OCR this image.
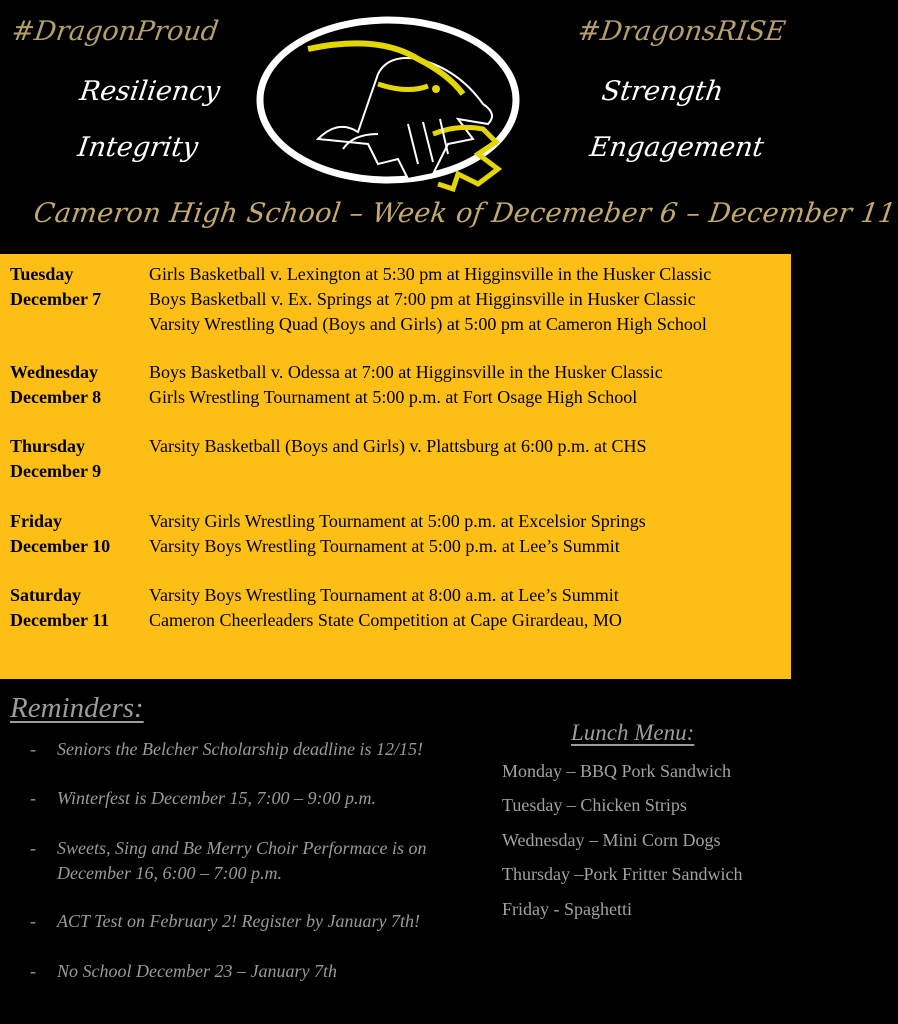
#DragonProud	#DragonsRISE
Resiliency
Integrity
Strength
Engagement
Cameron High School – Week of Decemeber 6 – December 11
Tuesday
December 7
Girls Basketball v. Lexington at 5:30 pm at Higginsville in the Husker Classic
Boys Basketball v. Ex. Springs at 7:00 pm at Higginsville in Husker Classic
Varsity Wrestling Quad (Boys and Girls) at 5:00 pm at Cameron High School
Wednesday
December 8
Boys Basketball v. Odessa at 7:00 at Higginsville in the Husker Classic
Girls Wrestling Tournament at 5:00 p.m. at Fort Osage High School
Thursday
December 9
Varsity Basketball (Boys and Girls) v. Plattsburg at 6:00 p.m. at CHS
Friday
December 10
Varsity Girls Wrestling Tournament at 5:00 p.m. at Excelsior Springs
Varsity Boys Wrestling Tournament at 5:00 p.m. at Lee’s Summit
Saturday
December 11
Varsity Boys Wrestling Tournament at 8:00 a.m. at Lee’s Summit
Cameron Cheerleaders State Competition at Cape Girardeau, MO
Reminders:
- Seniors the Belcher Scholarship deadline is 12/15!
- Winterfest is December 15, 7:00 – 9:00 p.m.
- Sweets, Sing and Be Merry Choir Performace is on December 16, 6:00 – 7:00 p.m.
- ACT Test on February 2! Register by January 7th!
- No School December 23 – January 7th
Lunch Menu:
Monday – BBQ Pork Sandwich
Tuesday – Chicken Strips
Wednesday – Mini Corn Dogs
Thursday –Pork Fritter Sandwich
Friday - Spaghetti
